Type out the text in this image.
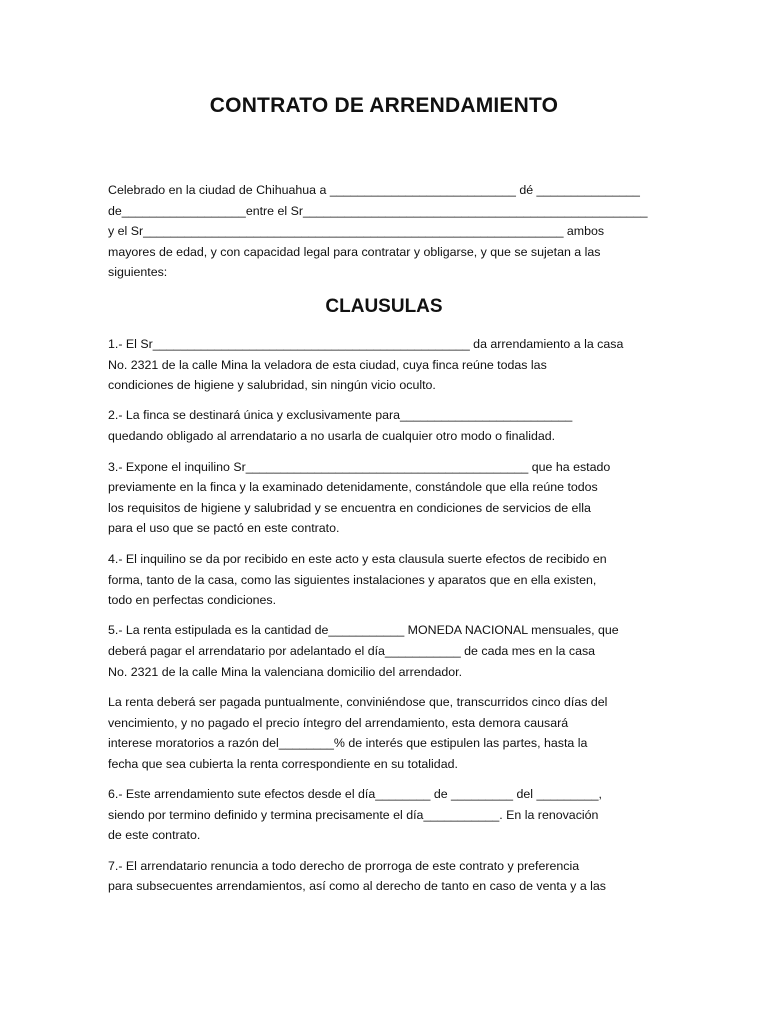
CONTRATO DE ARRENDAMIENTO
Celebrado en la ciudad de Chihuahua a ___________________________ dé _______________
de__________________entre el Sr__________________________________________________
y el Sr_____________________________________________________________ ambos
mayores de edad, y con capacidad legal para contratar y obligarse, y que se sujetan a las
siguientes:
CLAUSULAS
1.- El Sr______________________________________________ da arrendamiento a la casa
No. 2321 de la calle Mina la veladora de esta ciudad, cuya finca reúne todas las
condiciones de higiene y salubridad, sin ningún vicio oculto.
2.- La finca se destinará única y exclusivamente para_________________________
quedando obligado al arrendatario a no usarla de cualquier otro modo o finalidad.
3.- Expone el inquilino Sr_________________________________________ que ha estado
previamente en la finca y la examinado detenidamente, constándole que ella reúne todos
los requisitos de higiene y salubridad y se encuentra en condiciones de servicios de ella
para el uso que se pactó en este contrato.
4.- El inquilino se da por recibido en este acto y esta clausula suerte efectos de recibido en
forma, tanto de la casa, como las siguientes instalaciones y aparatos que en ella existen,
todo en perfectas condiciones.
5.- La renta estipulada es la cantidad de___________ MONEDA NACIONAL mensuales, que
deberá pagar el arrendatario por adelantado el día___________ de cada mes en la casa
No. 2321 de la calle Mina la valenciana domicilio del arrendador.
La renta deberá ser pagada puntualmente, conviniéndose que, transcurridos cinco días del
vencimiento, y no pagado el precio íntegro del arrendamiento, esta demora causará
interese moratorios a razón del________% de interés que estipulen las partes, hasta la
fecha que sea cubierta la renta correspondiente en su totalidad.
6.- Este arrendamiento sute efectos desde el día________ de _________ del _________,
siendo por termino definido y termina precisamente el día___________. En la renovación
de este contrato.
7.- El arrendatario renuncia a todo derecho de prorroga de este contrato y preferencia
para subsecuentes arrendamientos, así como al derecho de tanto en caso de venta y a las
